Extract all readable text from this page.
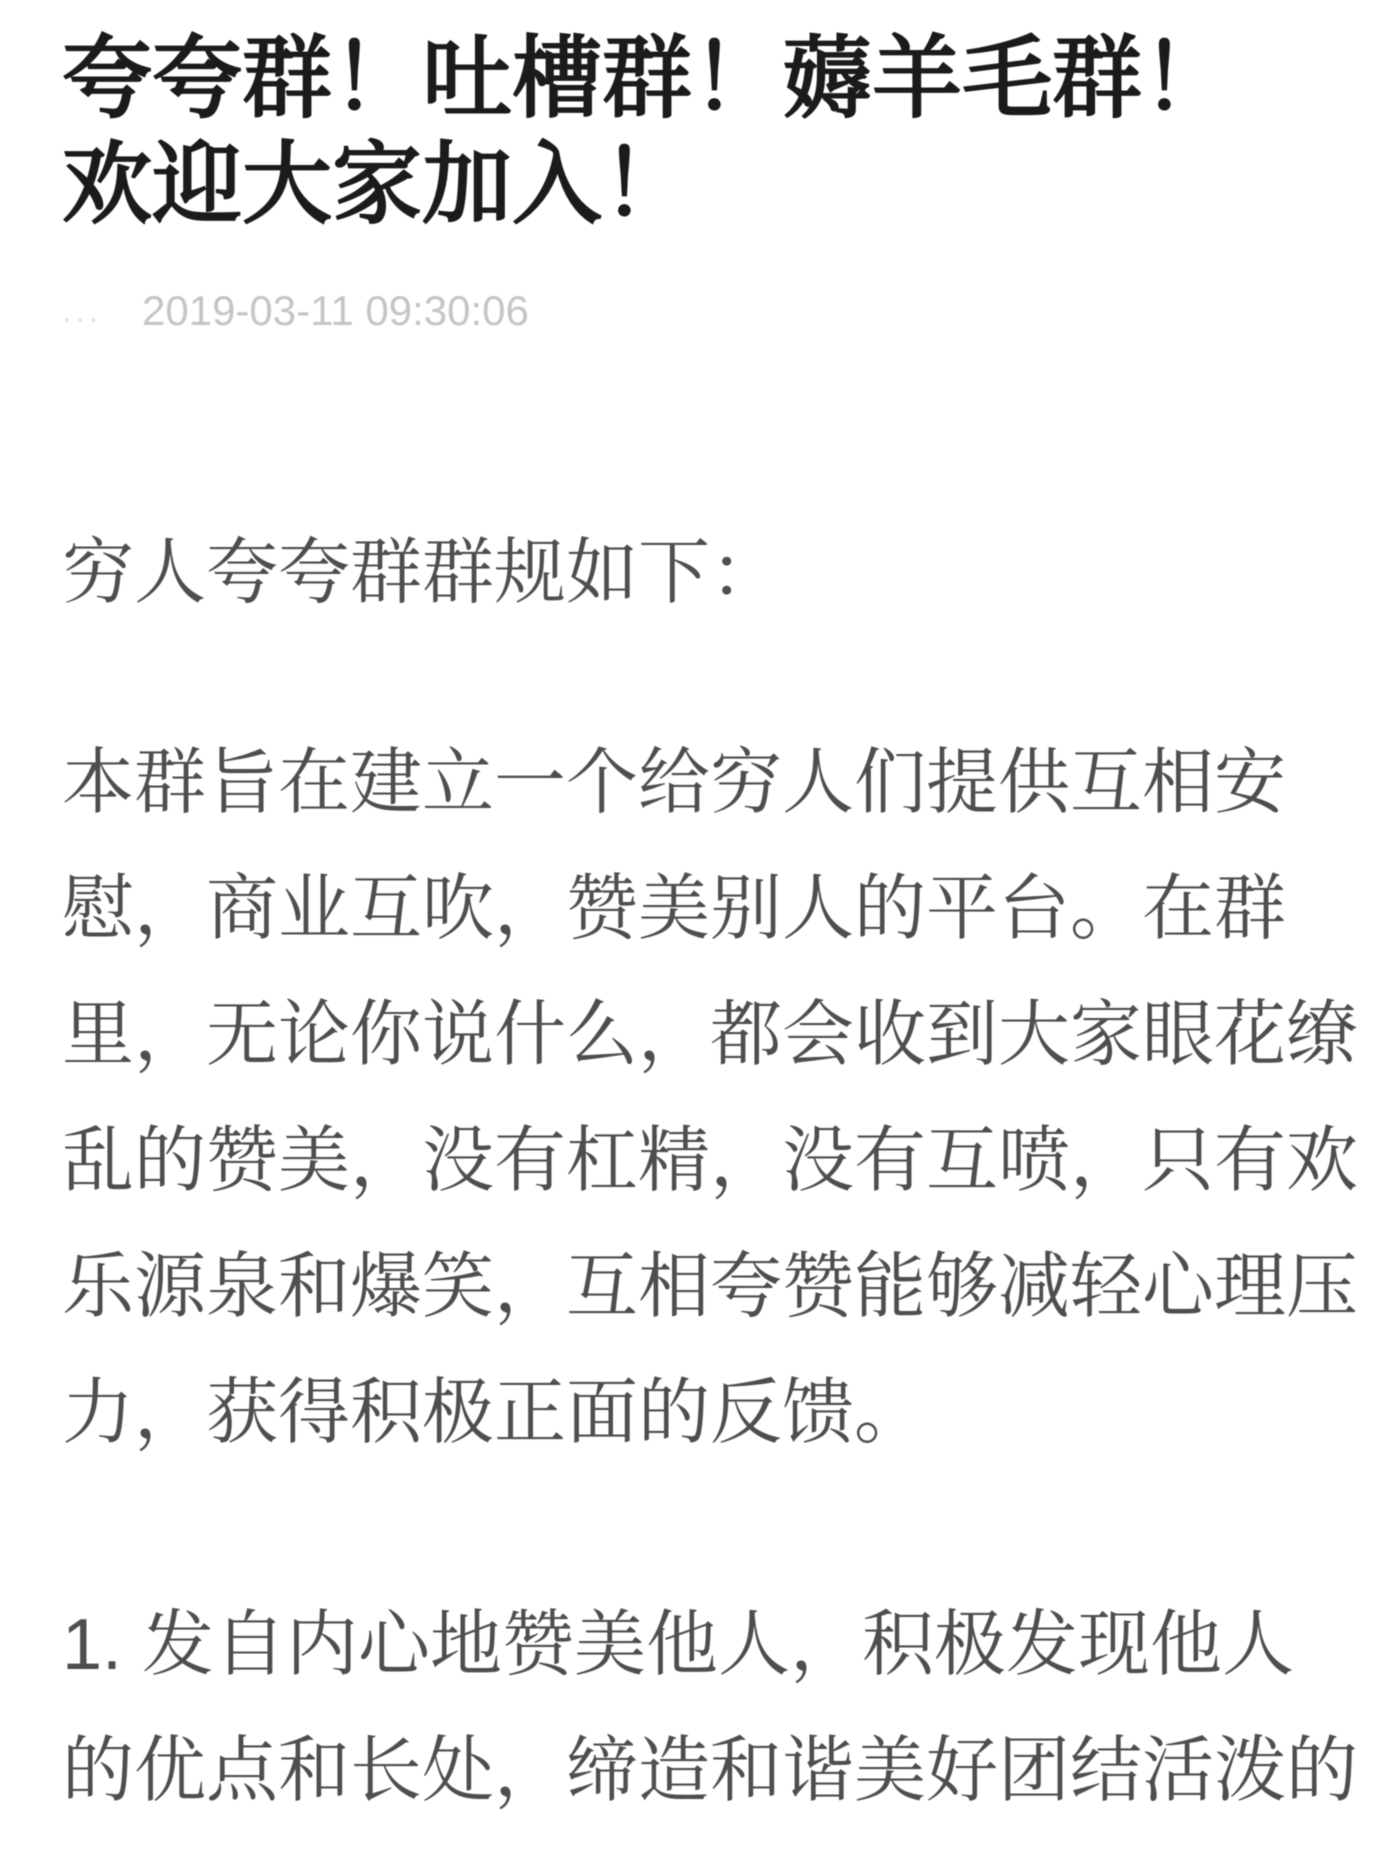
夸夸群！吐槽群！薅羊毛群！
欢迎大家加入！
... 2019-03-11 09:30:06

穷人夸夸群群规如下：

本群旨在建立一个给穷人们提供互相安

慰，商业互吹，赞美别人的平台。在群

里，无论你说什么，都会收到大家眼花缭

乱的赞美，没有杠精，没有互喷，只有欢

乐源泉和爆笑，互相夸赞能够减轻心理压

力，获得积极正面的反馈。

1. 发自内心地赞美他人，积极发现他人

的优点和长处，缔造和谐美好团结活泼的
